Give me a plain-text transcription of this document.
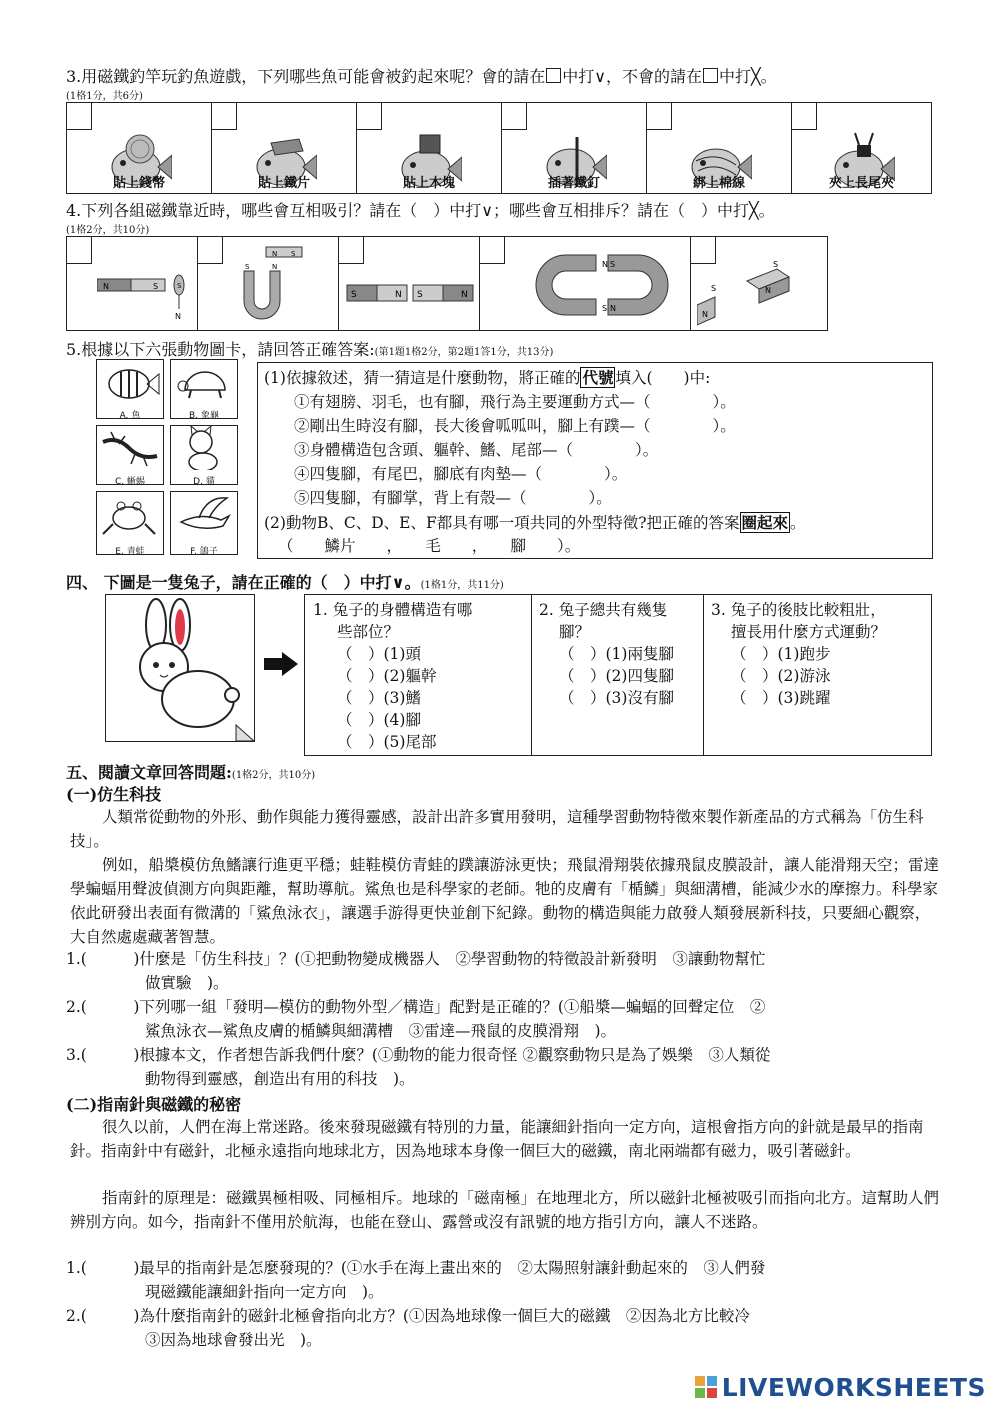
3.用磁鐵釣竿玩釣魚遊戲，下列哪些魚可能會被釣起來呢？會的請在 中打∨，不會的請在 中打╳。
(1格1分，共6分)
貼上錢幣	貼上鐵片	貼上木塊	插著鐵釘	綁上棉線	夾上長尾夾
4.下列各組磁鐵靠近時，哪些會互相吸引？請在（　）中打∨；哪些會互相排斥？請在（　）中打╳。
(1格2分，共10分)
N	S	S
N

N S
S	N

S	N S	N

N
S
S
N

N
S	N
S
5.根據以下六張動物圖卡，請回答正確答案:(第1題1格2分，第2題1答1分，共13分)
A. 魚	B. 象龜
C. 蜥蜴	D. 貓
E. 青蛙	F. 鴿子
(1)依據敘述，猜一猜這是什麼動物，將正確的 代號 填入(　　)中:
①有翅膀、羽毛，也有腳，飛行為主要運動方式—（　　　　）。
②剛出生時沒有腳，長大後會呱呱叫，腳上有蹼—（　　　　）。
③身體構造包含頭、軀幹、鰭、尾部—（　　　　）。
④四隻腳，有尾巴，腳底有肉墊—（　　　　）。
⑤四隻腳，有腳掌，背上有殼—（　　　　）。
(2)動物B、C、D、E、F都具有哪一項共同的外型特徵?把正確的答案 圈起來 。
（　　鱗片　　，　　毛　　，　　腳　　）。
四、 下圖是一隻兔子，請在正確的（　）中打∨。(1格1分，共11分)
1. 兔子的身體構造有哪
些部位？
（　）(1)頭
（　）(2)軀幹
（　）(3)鰭
（　）(4)腳
（　）(5)尾部
2. 兔子總共有幾隻
腳？
（　）(1)兩隻腳
（　）(2)四隻腳
（　）(3)沒有腳
3. 兔子的後肢比較粗壯，
擅長用什麼方式運動？
（　）(1)跑步
（　）(2)游泳
（　）(3)跳躍
五、閱讀文章回答問題:(1格2分，共10分)
(一)仿生科技
人類常從動物的外形、動作與能力獲得靈感，設計出許多實用發明，這種學習動物特徵來製作新產品的方式稱為「仿生科技」。
例如，船槳模仿魚鰭讓行進更平穩；蛙鞋模仿青蛙的蹼讓游泳更快；飛鼠滑翔裝依據飛鼠皮膜設計，讓人能滑翔天空；雷達學蝙蝠用聲波偵測方向與距離，幫助導航。鯊魚也是科學家的老師。牠的皮膚有「楯鱗」與細溝槽，能減少水的摩擦力。科學家依此研發出表面有微溝的「鯊魚泳衣」，讓選手游得更快並創下紀錄。動物的構造與能力啟發人類發展新科技，只要細心觀察，大自然處處藏著智慧。
1.(　　　)什麼是「仿生科技」？(①把動物變成機器人　②學習動物的特徵設計新發明　③讓動物幫忙
做實驗　)。
2.(　　　)下列哪一組「發明—模仿的動物外型／構造」配對是正確的？(①船槳—蝙蝠的回聲定位　②
鯊魚泳衣—鯊魚皮膚的楯鱗與細溝槽　③雷達—飛鼠的皮膜滑翔　)。
3.(　　　)根據本文，作者想告訴我們什麼？(①動物的能力很奇怪 ②觀察動物只是為了娛樂　③人類從
動物得到靈感，創造出有用的科技　)。
(二)指南針與磁鐵的秘密
很久以前，人們在海上常迷路。後來發現磁鐵有特別的力量，能讓細針指向一定方向，這根會指方向的針就是最早的指南針。指南針中有磁針，北極永遠指向地球北方，因為地球本身像一個巨大的磁鐵，南北兩端都有磁力，吸引著磁針。
指南針的原理是：磁鐵異極相吸、同極相斥。地球的「磁南極」在地理北方，所以磁針北極被吸引而指向北方。這幫助人們辨別方向。如今，指南針不僅用於航海，也能在登山、露營或沒有訊號的地方指引方向，讓人不迷路。
1.(　　　)最早的指南針是怎麼發現的？(①水手在海上畫出來的　②太陽照射讓針動起來的　③人們發
現磁鐵能讓細針指向一定方向　)。
2.(　　　)為什麼指南針的磁針北極會指向北方？(①因為地球像一個巨大的磁鐵　②因為北方比較冷
③因為地球會發出光　)。
LIVEWORKSHEETS
